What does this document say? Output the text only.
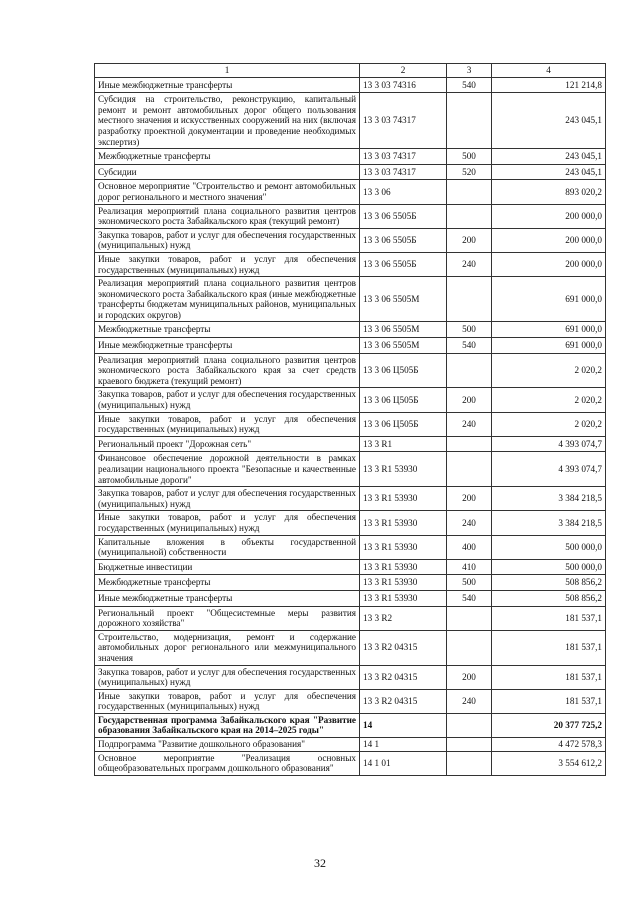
1	2	3	4
Иные межбюджетные трансферты	13 3 03 74316	540	121 214,8
Субсидия на строительство, реконструкцию, капитальный ремонт и ремонт автомобильных дорог общего пользования местного значения и искусственных сооружений на них (включая разработку проектной документации и проведение необходимых экспертиз)	13 3 03 74317		243 045,1
Межбюджетные трансферты	13 3 03 74317	500	243 045,1
Субсидии	13 3 03 74317	520	243 045,1
Основное мероприятие "Строительство и ремонт автомобильных дорог регионального и местного значения"	13 3 06		893 020,2
Реализация мероприятий плана социального развития центров экономического роста Забайкальского края (текущий ремонт)	13 3 06 5505Б		200 000,0
Закупка товаров, работ и услуг для обеспечения государственных (муниципальных) нужд	13 3 06 5505Б	200	200 000,0
Иные закупки товаров, работ и услуг для обеспечения государственных (муниципальных) нужд	13 3 06 5505Б	240	200 000,0
Реализация мероприятий плана социального развития центров экономического роста Забайкальского края (иные межбюджетные трансферты бюджетам муниципальных районов, муниципальных и городских округов)	13 3 06 5505М		691 000,0
Межбюджетные трансферты	13 3 06 5505М	500	691 000,0
Иные межбюджетные трансферты	13 3 06 5505М	540	691 000,0
Реализация мероприятий плана социального развития центров экономического роста Забайкальского края за счет средств краевого бюджета (текущий ремонт)	13 3 06 Ц505Б		2 020,2
Закупка товаров, работ и услуг для обеспечения государственных (муниципальных) нужд	13 3 06 Ц505Б	200	2 020,2
Иные закупки товаров, работ и услуг для обеспечения государственных (муниципальных) нужд	13 3 06 Ц505Б	240	2 020,2
Региональный проект "Дорожная сеть"	13 3 R1		4 393 074,7
Финансовое обеспечение дорожной деятельности в рамках реализации национального проекта "Безопасные и качественные автомобильные дороги"	13 3 R1 53930		4 393 074,7
Закупка товаров, работ и услуг для обеспечения государственных (муниципальных) нужд	13 3 R1 53930	200	3 384 218,5
Иные закупки товаров, работ и услуг для обеспечения государственных (муниципальных) нужд	13 3 R1 53930	240	3 384 218,5
Капитальные вложения в объекты государственной (муниципальной) собственности	13 3 R1 53930	400	500 000,0
Бюджетные инвестиции	13 3 R1 53930	410	500 000,0
Межбюджетные трансферты	13 3 R1 53930	500	508 856,2
Иные межбюджетные трансферты	13 3 R1 53930	540	508 856,2
Региональный проект "Общесистемные меры развития дорожного хозяйства"	13 3 R2		181 537,1
Строительство, модернизация, ремонт и содержание автомобильных дорог регионального или межмуниципального значения	13 3 R2 04315		181 537,1
Закупка товаров, работ и услуг для обеспечения государственных (муниципальных) нужд	13 3 R2 04315	200	181 537,1
Иные закупки товаров, работ и услуг для обеспечения государственных (муниципальных) нужд	13 3 R2 04315	240	181 537,1
Государственная программа Забайкальского края "Развитие образования Забайкальского края на 2014–2025 годы"	14		20 377 725,2
Подпрограмма "Развитие дошкольного образования"	14 1		4 472 578,3
Основное мероприятие "Реализация основных общеобразовательных программ дошкольного образования"	14 1 01		3 554 612,2
32
